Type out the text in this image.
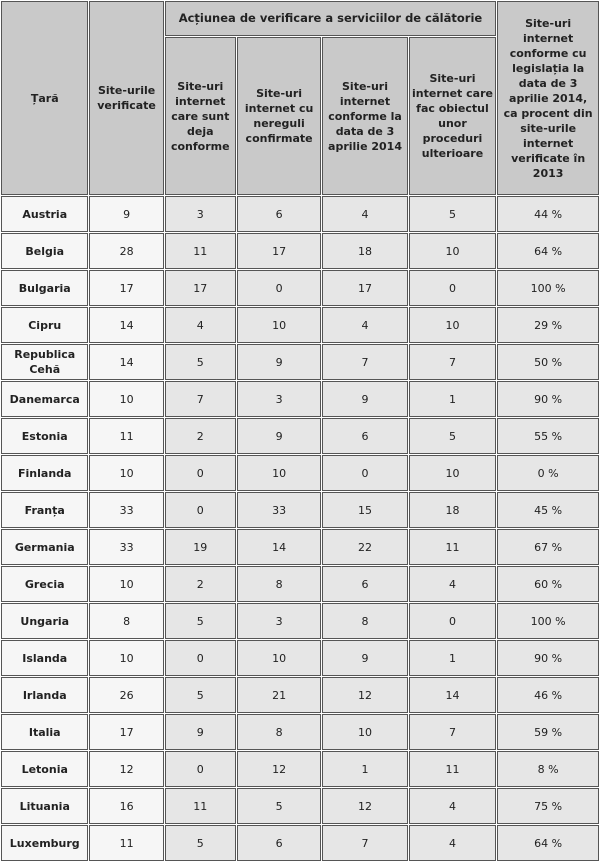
Țară	Site-urile verificate	Acțiunea de verificare a serviciilor de călătorie				Site-uri internet conforme cu legislația la data de 3 aprilie 2014, ca procent din site-urile internet verificate în 2013
		Site-uri internet care sunt deja conforme	Site-uri internet cu nereguli confirmate	Site-uri internet conforme la data de 3 aprilie 2014	Site-uri internet care fac obiectul unor proceduri ulterioare	
Austria	9	3	6	4	5	44 %
Belgia	28	11	17	18	10	64 %
Bulgaria	17	17	0	17	0	100 %
Cipru	14	4	10	4	10	29 %
Republica Cehă	14	5	9	7	7	50 %
Danemarca	10	7	3	9	1	90 %
Estonia	11	2	9	6	5	55 %
Finlanda	10	0	10	0	10	0 %
Franța	33	0	33	15	18	45 %
Germania	33	19	14	22	11	67 %
Grecia	10	2	8	6	4	60 %
Ungaria	8	5	3	8	0	100 %
Islanda	10	0	10	9	1	90 %
Irlanda	26	5	21	12	14	46 %
Italia	17	9	8	10	7	59 %
Letonia	12	0	12	1	11	8 %
Lituania	16	11	5	12	4	75 %
Luxemburg	11	5	6	7	4	64 %
